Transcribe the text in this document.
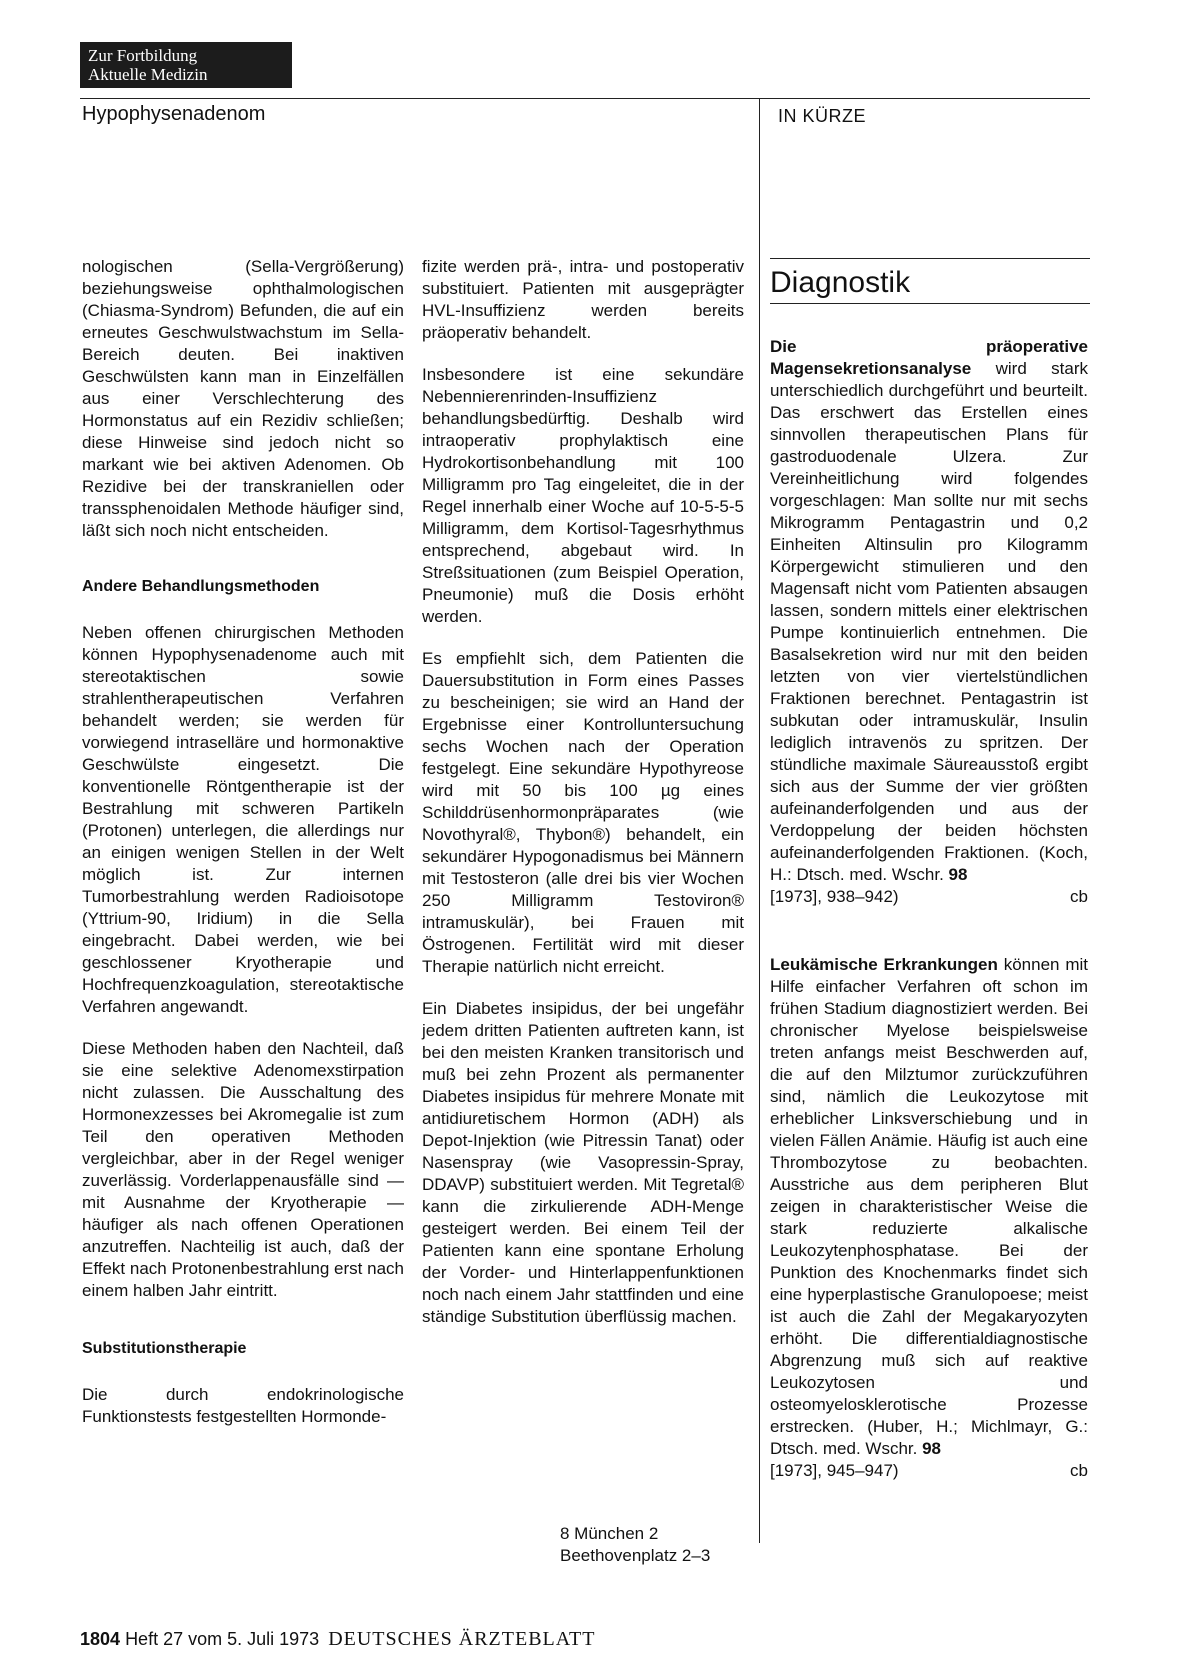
Zur Fortbildung
Aktuelle Medizin
Hypophysenadenom	IN KÜRZE

nologischen (Sella-Vergrößerung) beziehungsweise ophthalmologischen (Chiasma-Syndrom) Befunden, die auf ein erneutes Geschwulstwachstum im Sella-Bereich deuten. Bei inaktiven Geschwülsten kann man in Einzelfällen aus einer Verschlechterung des Hormonstatus auf ein Rezidiv schließen; diese Hinweise sind jedoch nicht so markant wie bei aktiven Adenomen. Ob Rezidive bei der transkraniellen oder transsphenoidalen Methode häufiger sind, läßt sich noch nicht entscheiden.

Andere Behandlungsmethoden

Neben offenen chirurgischen Methoden können Hypophysenadenome auch mit stereotaktischen sowie strahlentherapeutischen Verfahren behandelt werden; sie werden für vorwiegend intraselläre und hormonaktive Geschwülste eingesetzt. Die konventionelle Röntgentherapie ist der Bestrahlung mit schweren Partikeln (Protonen) unterlegen, die allerdings nur an einigen wenigen Stellen in der Welt möglich ist. Zur internen Tumorbestrahlung werden Radioisotope (Yttrium-90, Iridium) in die Sella eingebracht. Dabei werden, wie bei geschlossener Kryotherapie und Hochfrequenzkoagulation, stereotaktische Verfahren angewandt.

Diese Methoden haben den Nachteil, daß sie eine selektive Adenomexstirpation nicht zulassen. Die Ausschaltung des Hormonexzesses bei Akromegalie ist zum Teil den operativen Methoden vergleichbar, aber in der Regel weniger zuverlässig. Vorderlappenausfälle sind — mit Ausnahme der Kryotherapie — häufiger als nach offenen Operationen anzutreffen. Nachteilig ist auch, daß der Effekt nach Protonenbestrahlung erst nach einem halben Jahr eintritt.

Substitutionstherapie

Die durch endokrinologische Funktionstests festgestellten Hormonde-

fizite werden prä-, intra- und postoperativ substituiert. Patienten mit ausgeprägter HVL-Insuffizienz werden bereits präoperativ behandelt.

Insbesondere ist eine sekundäre Nebennierenrinden-Insuffizienz behandlungsbedürftig. Deshalb wird intraoperativ prophylaktisch eine Hydrokortisonbehandlung mit 100 Milligramm pro Tag eingeleitet, die in der Regel innerhalb einer Woche auf 10-5-5-5 Milligramm, dem Kortisol-Tagesrhythmus entsprechend, abgebaut wird. In Streßsituationen (zum Beispiel Operation, Pneumonie) muß die Dosis erhöht werden.

Es empfiehlt sich, dem Patienten die Dauersubstitution in Form eines Passes zu bescheinigen; sie wird an Hand der Ergebnisse einer Kontrolluntersuchung sechs Wochen nach der Operation festgelegt. Eine sekundäre Hypothyreose wird mit 50 bis 100 µg eines Schilddrüsenhormonpräparates (wie Novothyral®, Thybon®) behandelt, ein sekundärer Hypogonadismus bei Männern mit Testosteron (alle drei bis vier Wochen 250 Milligramm Testoviron® intramuskulär), bei Frauen mit Östrogenen. Fertilität wird mit dieser Therapie natürlich nicht erreicht.

Ein Diabetes insipidus, der bei ungefähr jedem dritten Patienten auftreten kann, ist bei den meisten Kranken transitorisch und muß bei zehn Prozent als permanenter Diabetes insipidus für mehrere Monate mit antidiuretischem Hormon (ADH) als Depot-Injektion (wie Pitressin Tanat) oder Nasenspray (wie Vasopressin-Spray, DDAVP) substituiert werden. Mit Tegretal® kann die zirkulierende ADH-Menge gesteigert werden. Bei einem Teil der Patienten kann eine spontane Erholung der Vorder- und Hinterlappenfunktionen noch nach einem Jahr stattfinden und eine ständige Substitution überflüssig machen.

8 München 2
Beethovenplatz 2–3
Diagnostik

Die präoperative Magensekretionsanalyse wird stark unterschiedlich durchgeführt und beurteilt. Das erschwert das Erstellen eines sinnvollen therapeutischen Plans für gastroduodenale Ulzera. Zur Vereinheitlichung wird folgendes vorgeschlagen: Man sollte nur mit sechs Mikrogramm Pentagastrin und 0,2 Einheiten Altinsulin pro Kilogramm Körpergewicht stimulieren und den Magensaft nicht vom Patienten absaugen lassen, sondern mittels einer elektrischen Pumpe kontinuierlich entnehmen. Die Basalsekretion wird nur mit den beiden letzten von vier viertelstündlichen Fraktionen berechnet. Pentagastrin ist subkutan oder intramuskulär, Insulin lediglich intravenös zu spritzen. Der stündliche maximale Säureausstoß ergibt sich aus der Summe der vier größten aufeinanderfolgenden und aus der Verdoppelung der beiden höchsten aufeinanderfolgenden Fraktionen. (Koch, H.: Dtsch. med. Wschr. 98
[1973], 938–942)	cb

Leukämische Erkrankungen können mit Hilfe einfacher Verfahren oft schon im frühen Stadium diagnostiziert werden. Bei chronischer Myelose beispielsweise treten anfangs meist Beschwerden auf, die auf den Milztumor zurückzuführen sind, nämlich die Leukozytose mit erheblicher Linksverschiebung und in vielen Fällen Anämie. Häufig ist auch eine Thrombozytose zu beobachten. Ausstriche aus dem peripheren Blut zeigen in charakteristischer Weise die stark reduzierte alkalische Leukozytenphosphatase. Bei der Punktion des Knochenmarks findet sich eine hyperplastische Granulopoese; meist ist auch die Zahl der Megakaryozyten erhöht. Die differentialdiagnostische Abgrenzung muß sich auf reaktive Leukozytosen und osteomyelosklerotische Prozesse erstrecken. (Huber, H.; Michlmayr, G.: Dtsch. med. Wschr. 98
[1973], 945–947)	cb

1804 Heft 27 vom 5. Juli 1973 DEUTSCHES ÄRZTEBLATT
